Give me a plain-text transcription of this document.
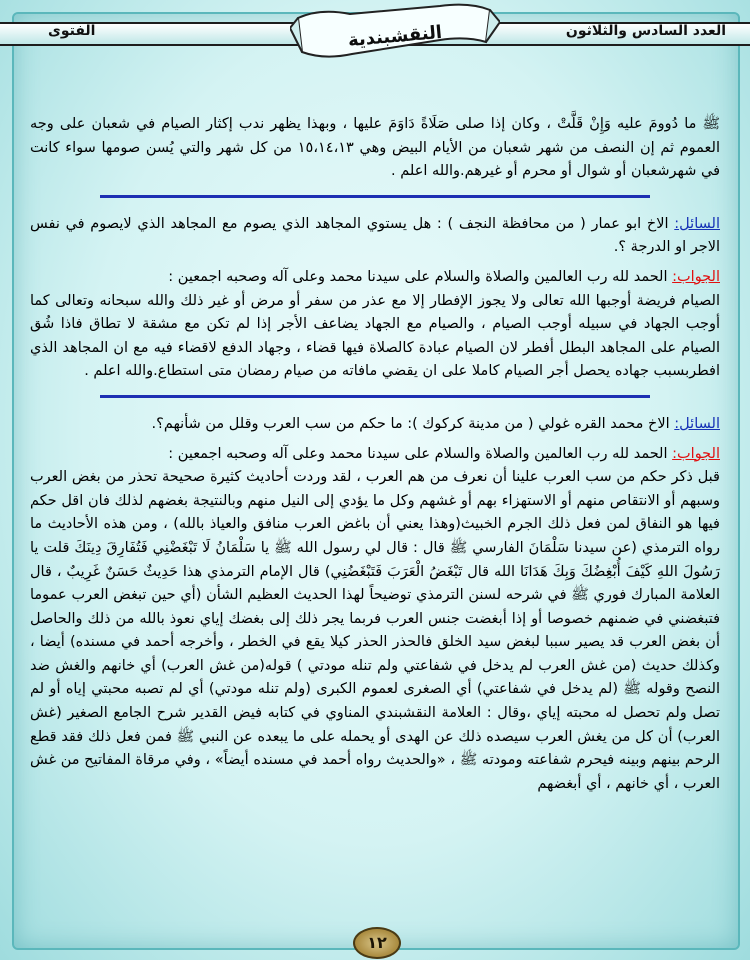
العدد السادس والثلاثون
الفتوى	النقشبندية

ﷺ ما دُوومَ عليه وَإِنْ قَلَّتْ ، وكان إذا صلى صَلَاةً دَاوَمَ عليها ، وبهذا يظهر ندب إكثار الصيام في شعبان على وجه العموم ثم إن النصف من شهر شعبان من الأيام البيض وهي ١٥،١٤،١٣ من كل شهر والتي يُسن صومها سواء كانت في شهرشعبان أو شوال أو محرم أو غيرهم.والله اعلم .

السائل: الاخ ابو عمار ( من محافظة النجف ) : هل يستوي المجاهد الذي يصوم مع المجاهد الذي لايصوم في نفس الاجر او الدرجة ؟.

الجواب: الحمد لله رب العالمين والصلاة والسلام على سيدنا محمد وعلى آله وصحبه اجمعين :

الصيام فريضة أوجبها الله تعالى ولا يجوز الإفطار إلا مع عذر من سفر أو مرض أو غير ذلك والله سبحانه وتعالى كما أوجب الجهاد في سبيله أوجب الصيام ، والصيام مع الجهاد يضاعف الأجر إذا لم تكن مع مشقة لا تطاق فاذا شُق الصيام على المجاهد البطل أفطر لان الصيام عبادة كالصلاة فيها قضاء ، وجهاد الدفع لاقضاء فيه مع ان المجاهد الذي افطربسبب جهاده يحصل أجر الصيام كاملا على ان يقضي مافاته من صيام رمضان متى استطاع.والله اعلم .

السائل: الاخ محمد القره غولي ( من مدينة كركوك ): ما حكم من سب العرب وقلل من شأنهم؟.

الجواب: الحمد لله رب العالمين والصلاة والسلام على سيدنا محمد وعلى آله وصحبه اجمعين :

قبل ذكر حكم من سب العرب علينا أن نعرف من هم العرب ، لقد وردت أحاديث كثيرة صحيحة تحذر من بغض العرب وسبهم أو الانتقاص منهم أو الاستهزاء بهم أو غشهم وكل ما يؤدي إلى النيل منهم وبالنتيجة بغضهم لذلك فان اقل حكم فيها هو النفاق لمن فعل ذلك الجرم الخبيث(وهذا يعني أن باغض العرب منافق والعياذ بالله) ، ومن هذه الأحاديث ما رواه الترمذي (عن سيدنا سَلْمَانَ الفارسي ﷺ قال : قال لي رسول الله ﷺ يا سَلْمَانُ لَا تَبْغَضْنِي فَتُفَارِقَ دِينَكَ قلت يا رَسُولَ اللهِ كَيْفَ أُبْغِضُكَ وَبِكَ هَدَانَا الله قال تَبْغَضُ الْعَرَبَ فَتَبْغَضُنِي) قال الإمام الترمذي هذا حَدِيثٌ حَسَنٌ غَرِيبٌ ، قال العلامة المبارك فوري ﷺ في شرحه لسنن الترمذي توضيحاً لهذا الحديث العظيم الشأن (أي حين تبغض العرب عموما فتبغضني في ضمنهم خصوصا أو إذا أبغضت جنس العرب فربما يجر ذلك إلى بغضك إياي نعوذ بالله من ذلك والحاصل أن بغض العرب قد يصير سببا لبغض سيد الخلق فالحذر الحذر كيلا يقع في الخطر ، وأخرجه أحمد في مسنده) أيضا ، وكذلك حديث (من غش العرب لم يدخل في شفاعتي ولم تنله مودتي ) قوله(من غش العرب) أي خانهم والغش ضد النصح وقوله ﷺ (لم يدخل في شفاعتي) أي الصغرى لعموم الكبرى (ولم تنله مودتي) أي لم تصبه محبتي إياه أو لم تصل ولم تحصل له محبته إياي ،وقال : العلامة النقشبندي المناوي في كتابه فيض القدير شرح الجامع الصغير (غش العرب) أن كل من يغش العرب سيصده ذلك عن الهدى أو يحمله على ما يبعده عن النبي ﷺ فمن فعل ذلك فقد قطع الرحم بينهم وبينه فيحرم شفاعته ومودته ﷺ ، «والحديث رواه أحمد في مسنده أيضاً» ، وفي مرقاة المفاتيح من غش العرب ، أي خانهم ، أي أبغضهم

١٢
